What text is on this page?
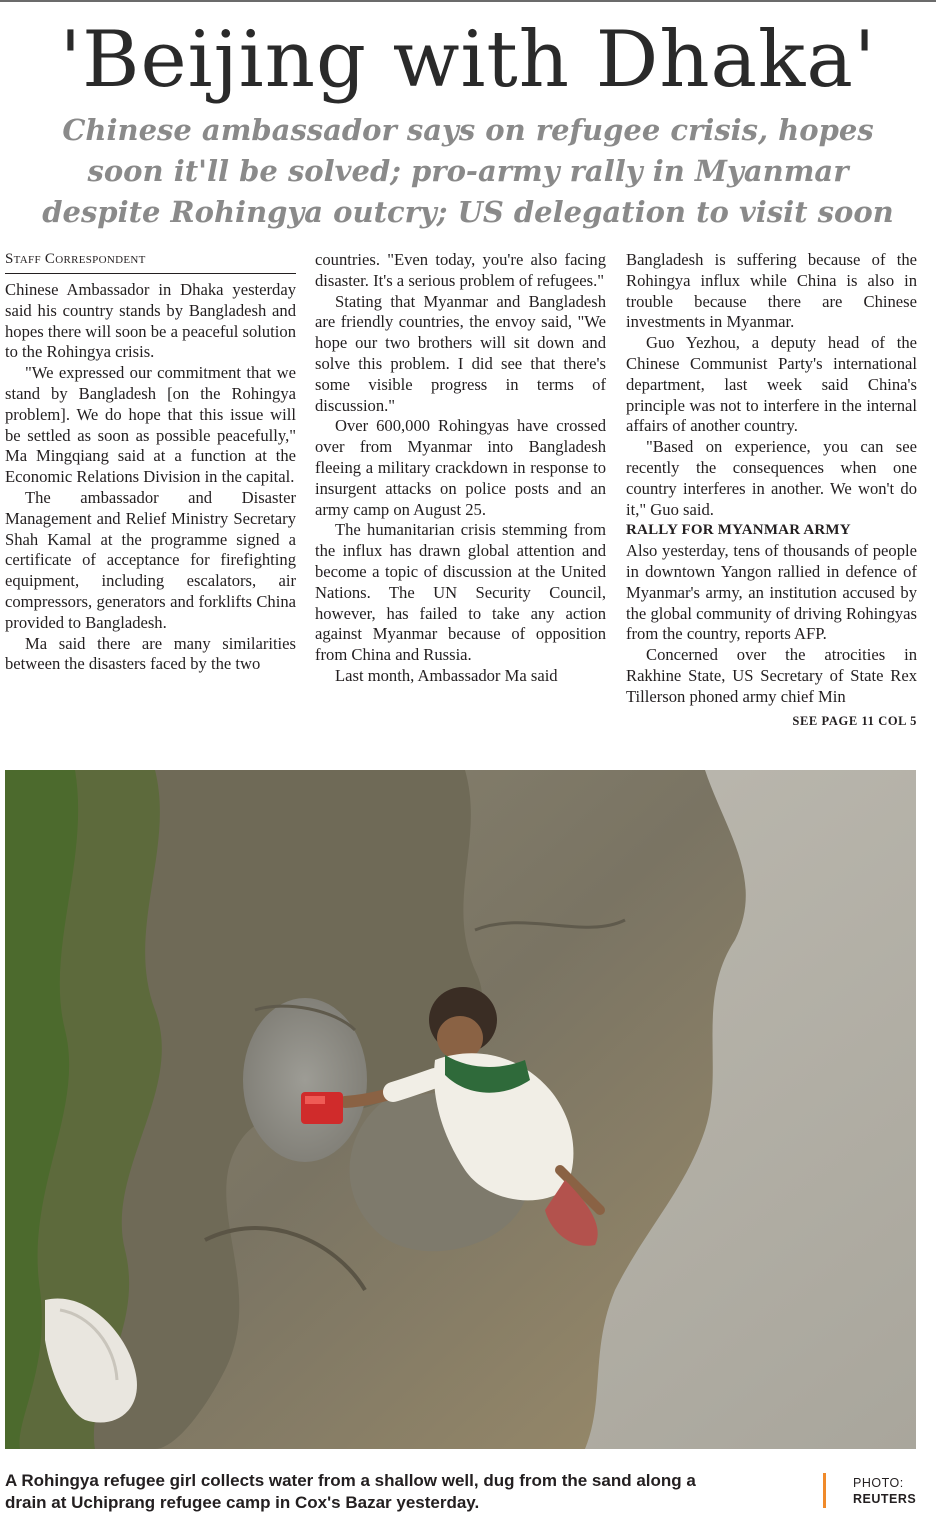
'Beijing with Dhaka'
Chinese ambassador says on refugee crisis, hopes soon it'll be solved; pro-army rally in Myanmar despite Rohingya outcry; US delegation to visit soon
Staff Correspondent

Chinese Ambassador in Dhaka yesterday said his country stands by Bangladesh and hopes there will soon be a peaceful solution to the Rohingya crisis.

"We expressed our commitment that we stand by Bangladesh [on the Rohingya problem]. We do hope that this issue will be settled as soon as possible peacefully," Ma Mingqiang said at a function at the Economic Relations Division in the capital.

The ambassador and Disaster Management and Relief Ministry Secretary Shah Kamal at the programme signed a certificate of acceptance for firefighting equipment, including escalators, air compressors, generators and forklifts China provided to Bangladesh.

Ma said there are many similarities between the disasters faced by the two

countries. "Even today, you're also facing disaster. It's a serious problem of refugees."

Stating that Myanmar and Bangladesh are friendly countries, the envoy said, "We hope our two brothers will sit down and solve this problem. I did see that there's some visible progress in terms of discussion."

Over 600,000 Rohingyas have crossed over from Myanmar into Bangladesh fleeing a military crackdown in response to insurgent attacks on police posts and an army camp on August 25.

The humanitarian crisis stemming from the influx has drawn global attention and become a topic of discussion at the United Nations. The UN Security Council, however, has failed to take any action against Myanmar because of opposition from China and Russia.

Last month, Ambassador Ma said

Bangladesh is suffering because of the Rohingya influx while China is also in trouble because there are Chinese investments in Myanmar.

Guo Yezhou, a deputy head of the Chinese Communist Party's international department, last week said China's principle was not to interfere in the internal affairs of another country.

"Based on experience, you can see recently the consequences when one country interferes in another. We won't do it," Guo said.

RALLY FOR MYANMAR ARMY

Also yesterday, tens of thousands of people in downtown Yangon rallied in defence of Myanmar's army, an institution accused by the global community of driving Rohingyas from the country, reports AFP.

Concerned over the atrocities in Rakhine State, US Secretary of State Rex Tillerson phoned army chief Min

SEE PAGE 11 COL 5
A Rohingya refugee girl collects water from a shallow well, dug from the sand along a drain at Uchiprang refugee camp in Cox's Bazar yesterday.
PHOTO:
REUTERS
